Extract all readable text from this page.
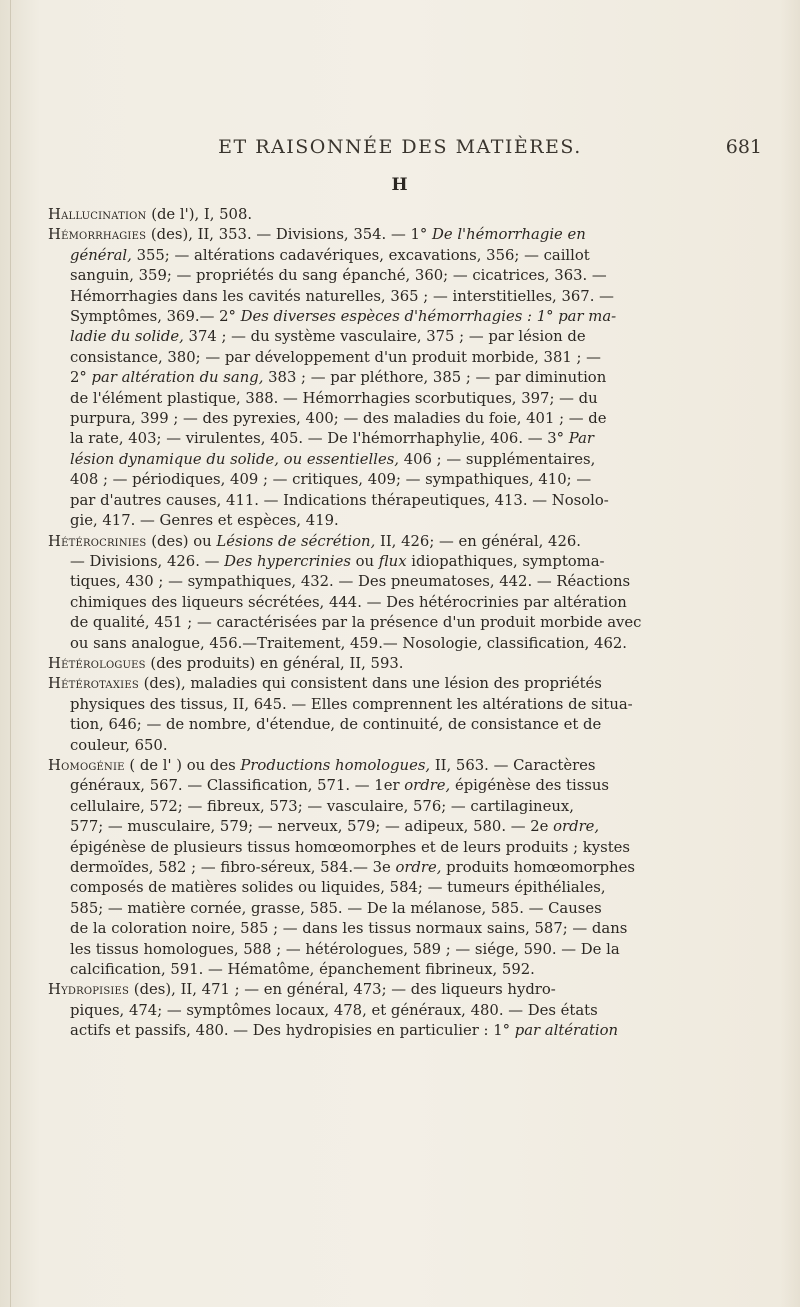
ET RAISONNÉE DES MATIÈRES.	681
H
Hallucination (de l'), I, 508.
Hémorrhagies (des), II, 353. — Divisions, 354. — 1° De l'hémorrhagie en
général, 355; — altérations cadavériques, excavations, 356; — caillot
sanguin, 359; — propriétés du sang épanché, 360; — cicatrices, 363. —
Hémorrhagies dans les cavités naturelles, 365 ; — interstitielles, 367. —
Symptômes, 369.— 2° Des diverses espèces d'hémorrhagies : 1° par ma-
ladie du solide, 374 ; — du système vasculaire, 375 ; — par lésion de
consistance, 380; — par développement d'un produit morbide, 381 ; —
2° par altération du sang, 383 ; — par pléthore, 385 ; — par diminution
de l'élément plastique, 388. — Hémorrhagies scorbutiques, 397; — du
purpura, 399 ; — des pyrexies, 400; — des maladies du foie, 401 ; — de
la rate, 403; — virulentes, 405. — De l'hémorrhaphylie, 406. — 3° Par
lésion dynamique du solide, ou essentielles, 406 ; — supplémentaires,
408 ; — périodiques, 409 ; — critiques, 409; — sympathiques, 410; —
par d'autres causes, 411. — Indications thérapeutiques, 413. — Nosolo-
gie, 417. — Genres et espèces, 419.
Hétérocrinies (des) ou Lésions de sécrétion, II, 426; — en général, 426.
— Divisions, 426. — Des hypercrinies ou flux idiopathiques, symptoma-
tiques, 430 ; — sympathiques, 432. — Des pneumatoses, 442. — Réactions
chimiques des liqueurs sécrétées, 444. — Des hétérocrinies par altération
de qualité, 451 ; — caractérisées par la présence d'un produit morbide avec
ou sans analogue, 456.—Traitement, 459.— Nosologie, classification, 462.
Hétérologues (des produits) en général, II, 593.
Hétérotaxies (des), maladies qui consistent dans une lésion des propriétés
physiques des tissus, II, 645. — Elles comprennent les altérations de situa-
tion, 646; — de nombre, d'étendue, de continuité, de consistance et de
couleur, 650.
Homogénie ( de l' ) ou des Productions homologues, II, 563. — Caractères
généraux, 567. — Classification, 571. — 1er ordre, épigénèse des tissus
cellulaire, 572; — fibreux, 573; — vasculaire, 576; — cartilagineux,
577; — musculaire, 579; — nerveux, 579; — adipeux, 580. — 2e ordre,
épigénèse de plusieurs tissus homœomorphes et de leurs produits ; kystes
dermoïdes, 582 ; — fibro-séreux, 584.— 3e ordre, produits homœomorphes
composés de matières solides ou liquides, 584; — tumeurs épithéliales,
585; — matière cornée, grasse, 585. — De la mélanose, 585. — Causes
de la coloration noire, 585 ; — dans les tissus normaux sains, 587; — dans
les tissus homologues, 588 ; — hétérologues, 589 ; — siége, 590. — De la
calcification, 591. — Hématôme, épanchement fibrineux, 592.
Hydropisies (des), II, 471 ; — en général, 473; — des liqueurs hydro-
piques, 474; — symptômes locaux, 478, et généraux, 480. — Des états
actifs et passifs, 480. — Des hydropisies en particulier : 1° par altération
